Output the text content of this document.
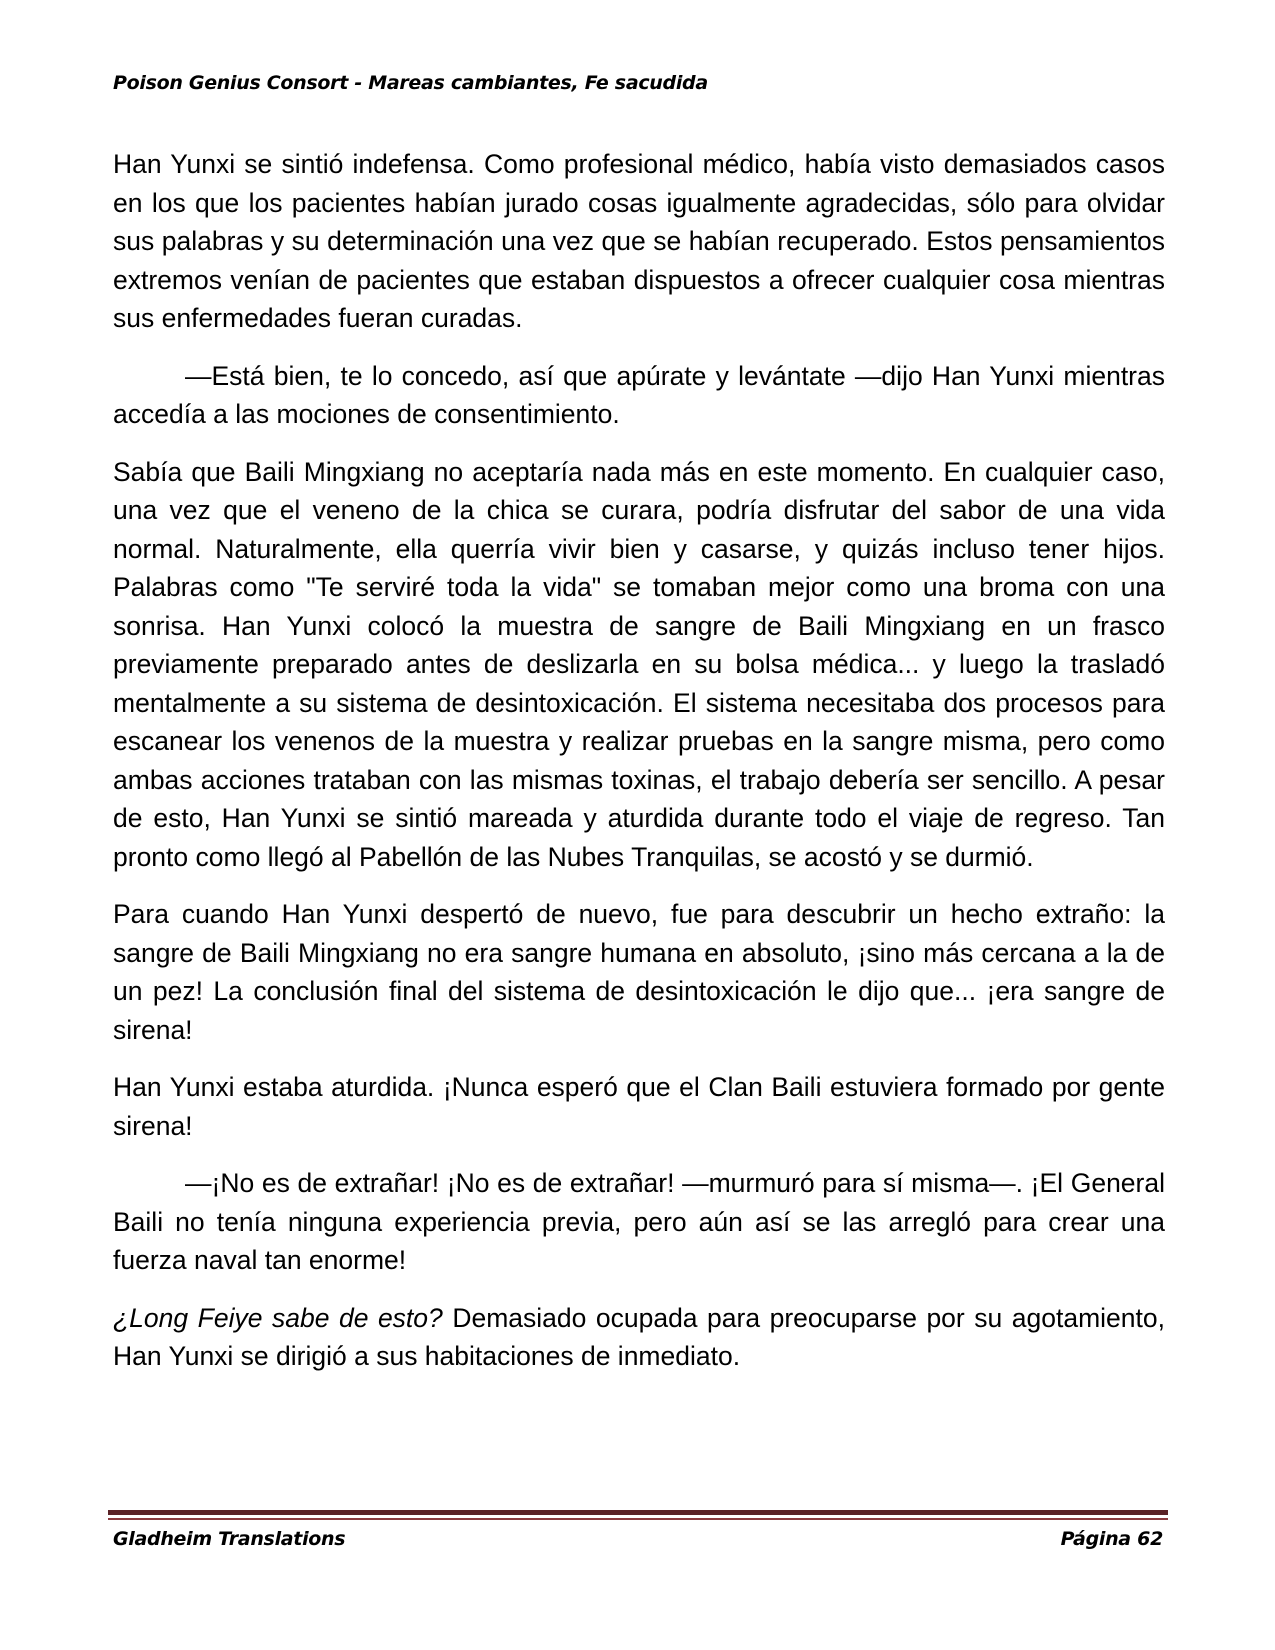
Poison Genius Consort - Mareas cambiantes, Fe sacudida

Han Yunxi se sintió indefensa. Como profesional médico, había visto demasiados casos en los que los pacientes habían jurado cosas igualmente agradecidas, sólo para olvidar sus palabras y su determinación una vez que se habían recuperado. Estos pensamientos extremos venían de pacientes que estaban dispuestos a ofrecer cualquier cosa mientras sus enfermedades fueran curadas.

—Está bien, te lo concedo, así que apúrate y levántate —dijo Han Yunxi mientras accedía a las mociones de consentimiento.

Sabía que Baili Mingxiang no aceptaría nada más en este momento. En cualquier caso, una vez que el veneno de la chica se curara, podría disfrutar del sabor de una vida normal. Naturalmente, ella querría vivir bien y casarse, y quizás incluso tener hijos. Palabras como "Te serviré toda la vida" se tomaban mejor como una broma con una sonrisa. Han Yunxi colocó la muestra de sangre de Baili Mingxiang en un frasco previamente preparado antes de deslizarla en su bolsa médica... y luego la trasladó mentalmente a su sistema de desintoxicación. El sistema necesitaba dos procesos para escanear los venenos de la muestra y realizar pruebas en la sangre misma, pero como ambas acciones trataban con las mismas toxinas, el trabajo debería ser sencillo. A pesar de esto, Han Yunxi se sintió mareada y aturdida durante todo el viaje de regreso. Tan pronto como llegó al Pabellón de las Nubes Tranquilas, se acostó y se durmió.

Para cuando Han Yunxi despertó de nuevo, fue para descubrir un hecho extraño: la sangre de Baili Mingxiang no era sangre humana en absoluto, ¡sino más cercana a la de un pez! La conclusión final del sistema de desintoxicación le dijo que... ¡era sangre de sirena!

Han Yunxi estaba aturdida. ¡Nunca esperó que el Clan Baili estuviera formado por gente sirena!

—¡No es de extrañar! ¡No es de extrañar! —murmuró para sí misma—. ¡El General Baili no tenía ninguna experiencia previa, pero aún así se las arregló para crear una fuerza naval tan enorme!

¿Long Feiye sabe de esto? Demasiado ocupada para preocuparse por su agotamiento, Han Yunxi se dirigió a sus habitaciones de inmediato.

Gladheim Translations	Página 62
